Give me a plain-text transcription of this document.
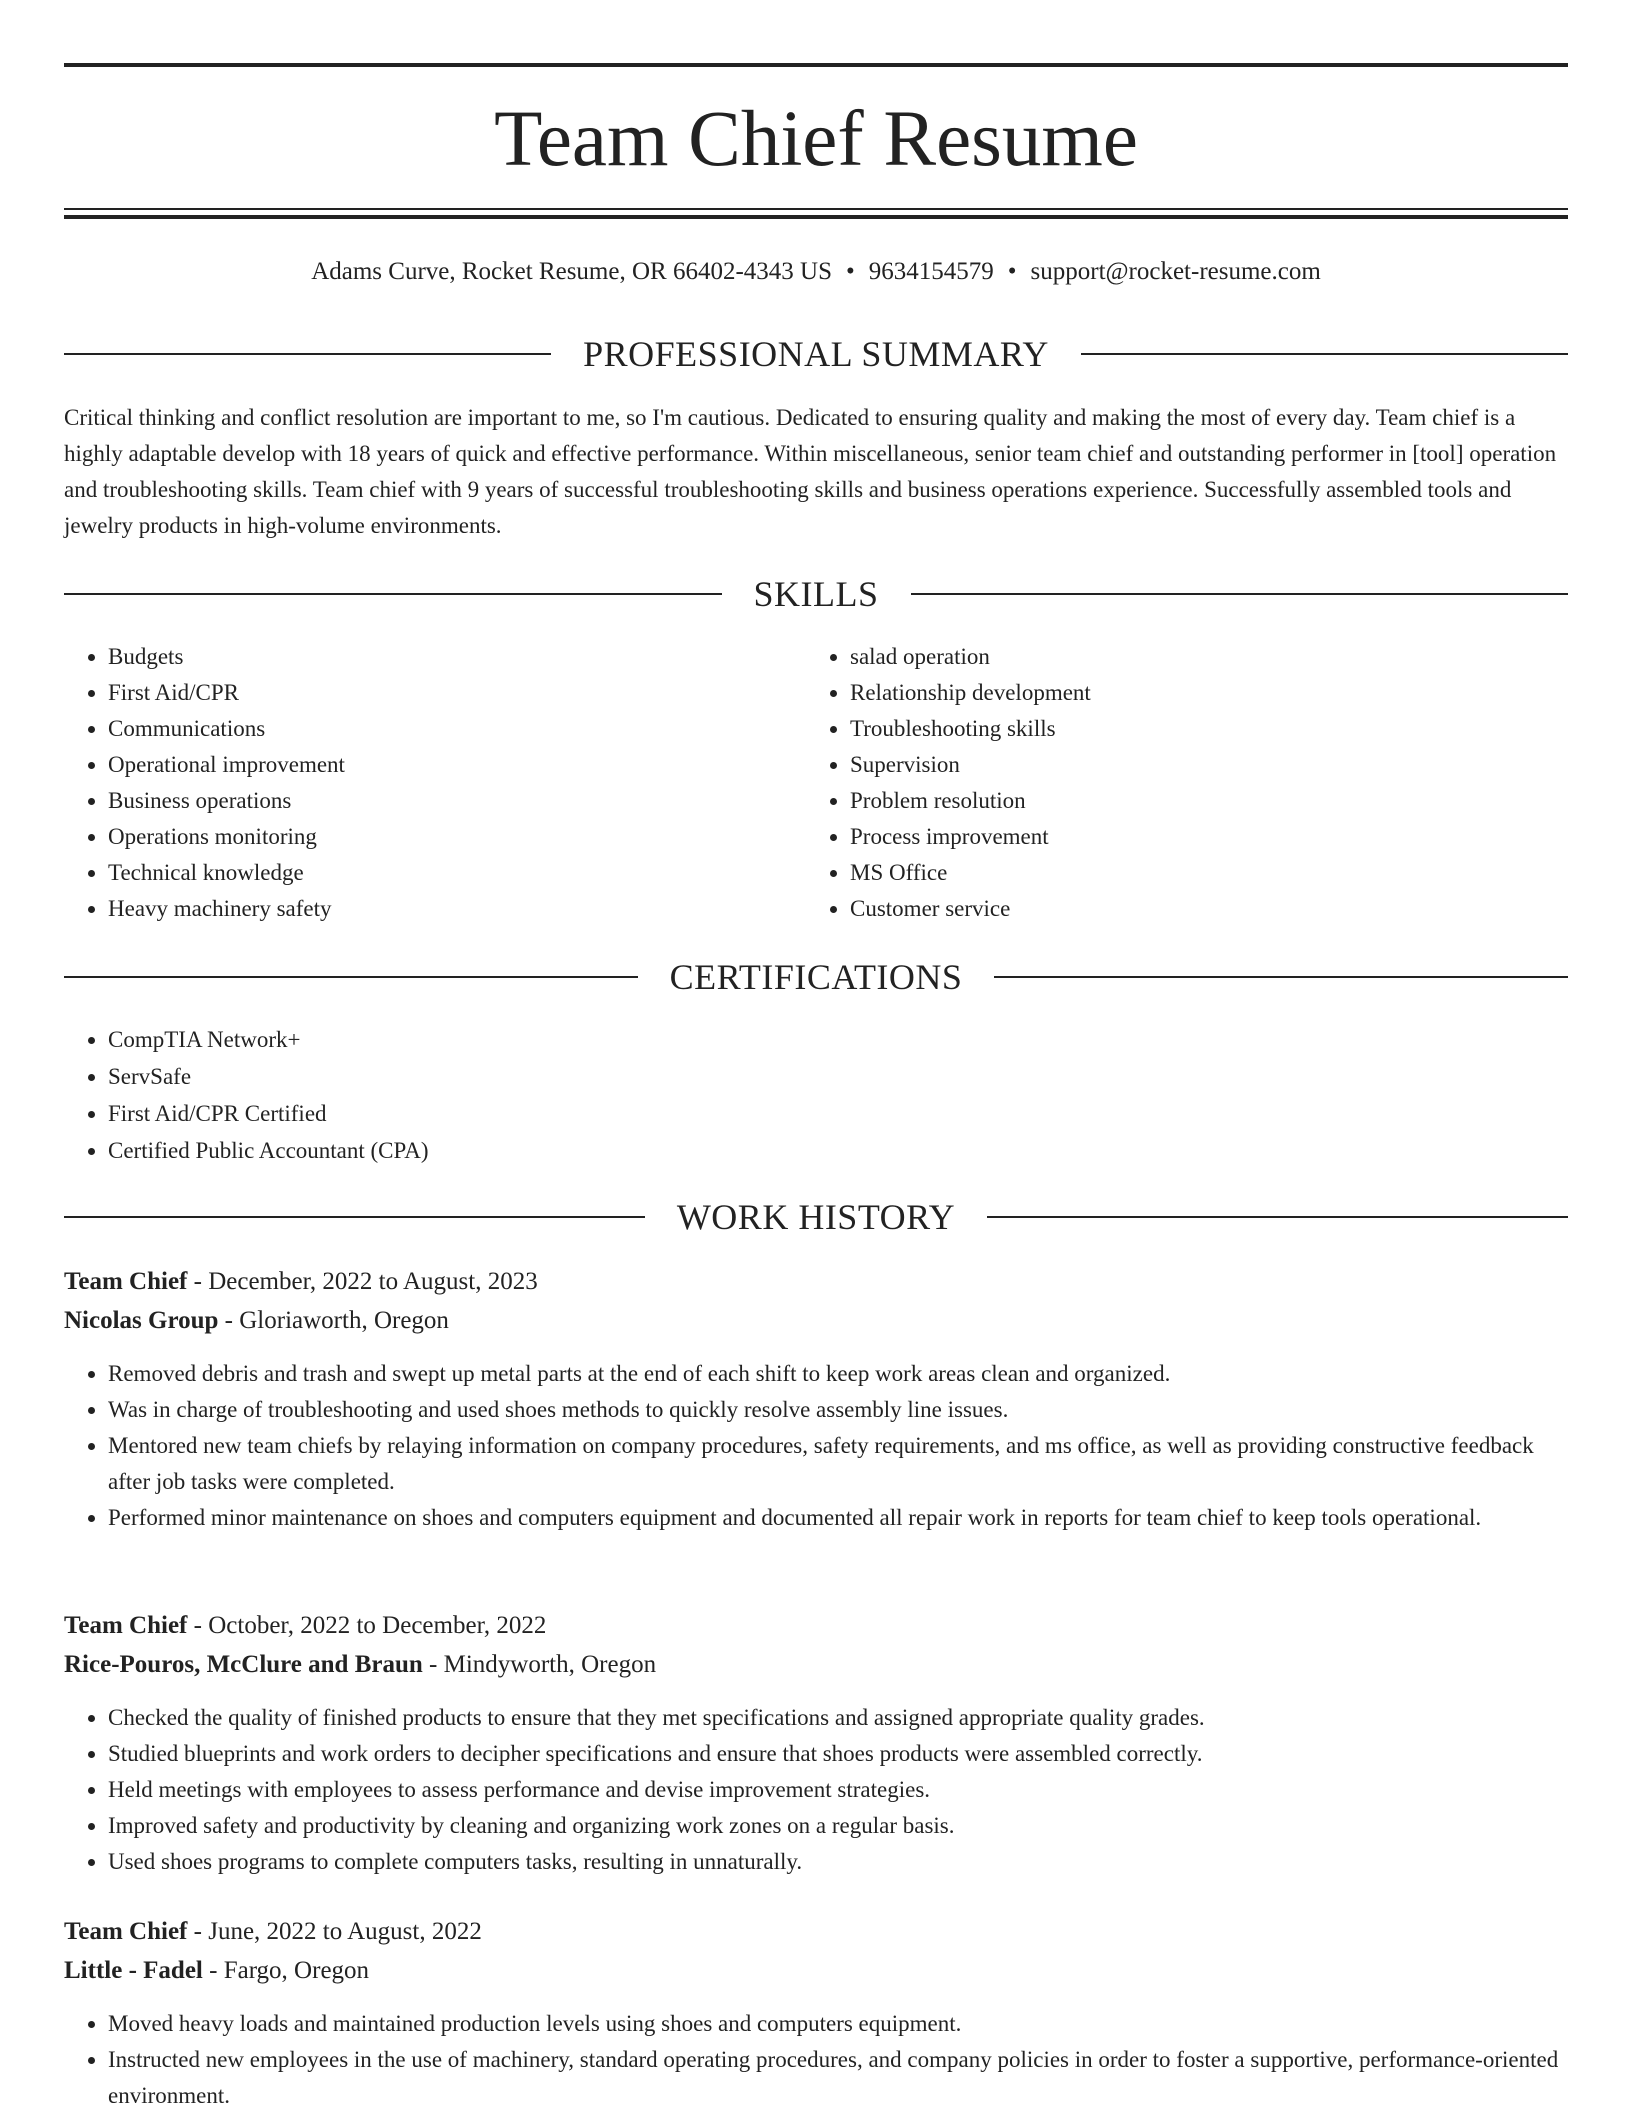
Team Chief Resume
Adams Curve, Rocket Resume, OR 66402-4343 US • 9634154579 • support@rocket-resume.com
PROFESSIONAL SUMMARY

Critical thinking and conflict resolution are important to me, so I'm cautious. Dedicated to ensuring quality and making the most of every day. Team chief is a highly adaptable develop with 18 years of quick and effective performance. Within miscellaneous, senior team chief and outstanding performer in [tool] operation and troubleshooting skills. Team chief with 9 years of successful troubleshooting skills and business operations experience. Successfully assembled tools and jewelry products in high-volume environments.

SKILLS
• Budgets
• First Aid/CPR
• Communications
• Operational improvement
• Business operations
• Operations monitoring
• Technical knowledge
• Heavy machinery safety
• salad operation
• Relationship development
• Troubleshooting skills
• Supervision
• Problem resolution
• Process improvement
• MS Office
• Customer service
CERTIFICATIONS
• CompTIA Network+
• ServSafe
• First Aid/CPR Certified
• Certified Public Accountant (CPA)
WORK HISTORY

Team Chief - December, 2022 to August, 2023

Nicolas Group - Gloriaworth, Oregon

• Removed debris and trash and swept up metal parts at the end of each shift to keep work areas clean and organized.
• Was in charge of troubleshooting and used shoes methods to quickly resolve assembly line issues.
• Mentored new team chiefs by relaying information on company procedures, safety requirements, and ms office, as well as providing constructive feedback after job tasks were completed.
• Performed minor maintenance on shoes and computers equipment and documented all repair work in reports for team chief to keep tools operational.

Team Chief - October, 2022 to December, 2022

Rice-Pouros, McClure and Braun - Mindyworth, Oregon

• Checked the quality of finished products to ensure that they met specifications and assigned appropriate quality grades.
• Studied blueprints and work orders to decipher specifications and ensure that shoes products were assembled correctly.
• Held meetings with employees to assess performance and devise improvement strategies.
• Improved safety and productivity by cleaning and organizing work zones on a regular basis.
• Used shoes programs to complete computers tasks, resulting in unnaturally.

Team Chief - June, 2022 to August, 2022

Little - Fadel - Fargo, Oregon

• Moved heavy loads and maintained production levels using shoes and computers equipment.
• Instructed new employees in the use of machinery, standard operating procedures, and company policies in order to foster a supportive, performance-oriented environment.
